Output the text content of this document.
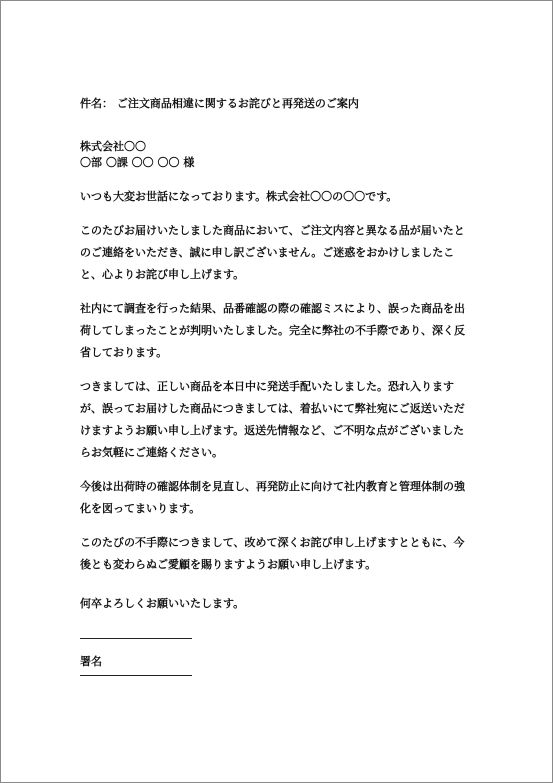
件名： ご注文商品相違に関するお詫びと再発送のご案内
株式会社〇〇
〇部 〇課 〇〇 〇〇 様
いつも大変お世話になっております。株式会社〇〇の〇〇です。
このたびお届けいたしました商品において、ご注文内容と異なる品が届いたと
のご連絡をいただき、誠に申し訳ございません。ご迷惑をおかけしましたこ
と、心よりお詫び申し上げます。
社内にて調査を行った結果、品番確認の際の確認ミスにより、誤った商品を出
荷してしまったことが判明いたしました。完全に弊社の不手際であり、深く反
省しております。
つきましては、正しい商品を本日中に発送手配いたしました。恐れ入ります
が、誤ってお届けした商品につきましては、着払いにて弊社宛にご返送いただ
けますようお願い申し上げます。返送先情報など、ご不明な点がございました
らお気軽にご連絡ください。
今後は出荷時の確認体制を見直し、再発防止に向けて社内教育と管理体制の強
化を図ってまいります。
このたびの不手際につきまして、改めて深くお詫び申し上げますとともに、今
後とも変わらぬご愛顧を賜りますようお願い申し上げます。
何卒よろしくお願いいたします。
署名
